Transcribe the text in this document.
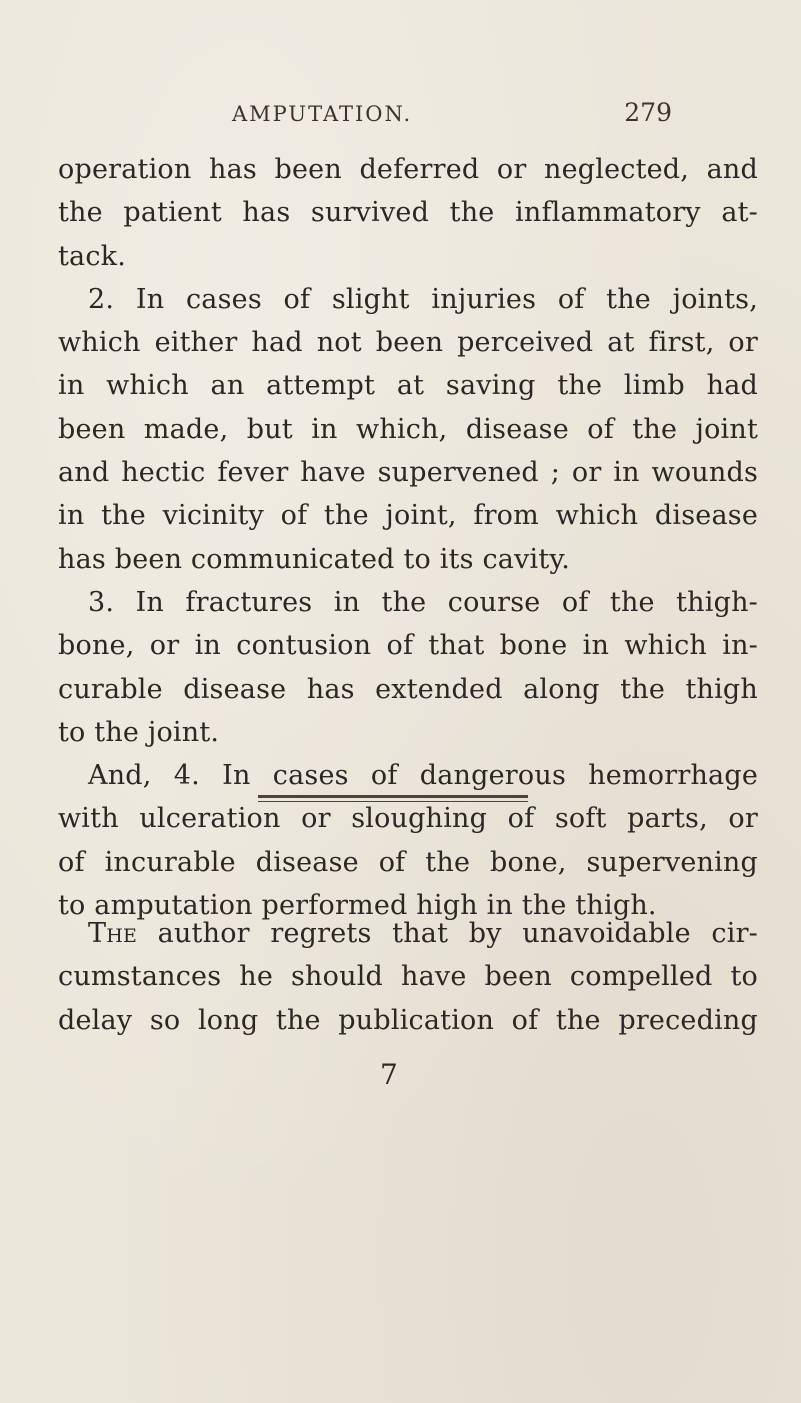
AMPUTATION.	279
operation has been deferred or neglected, and
the patient has survived the inflammatory at-
tack.
2. In cases of slight injuries of the joints,
which either had not been perceived at first, or
in which an attempt at saving the limb had
been made, but in which, disease of the joint
and hectic fever have supervened ; or in wounds
in the vicinity of the joint, from which disease
has been communicated to its cavity.
3. In fractures in the course of the thigh-
bone, or in contusion of that bone in which in-
curable disease has extended along the thigh
to the joint.
And, 4. In cases of dangerous hemorrhage
with ulceration or sloughing of soft parts, or
of incurable disease of the bone, supervening
to amputation performed high in the thigh.
The author regrets that by unavoidable cir-
cumstances he should have been compelled to
delay so long the publication of the preceding
7
